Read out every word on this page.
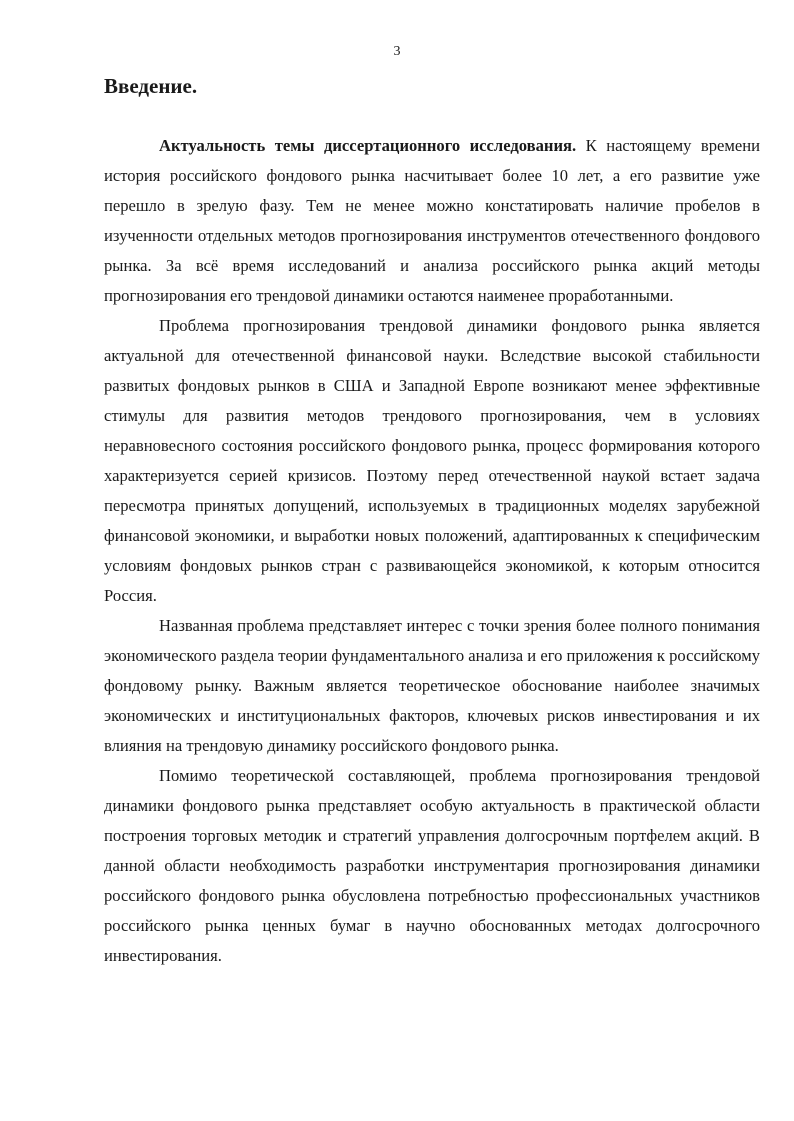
3
Введение.

Актуальность темы диссертационного исследования. К настоящему времени история российского фондового рынка насчитывает более 10 лет, а его развитие уже перешло в зрелую фазу. Тем не менее можно констатировать наличие пробелов в изученности отдельных методов прогнозирования инструментов отечественного фондового рынка. За всё время исследований и анализа российского рынка акций методы прогнозирования его трендовой динамики остаются наименее проработанными.

Проблема прогнозирования трендовой динамики фондового рынка является актуальной для отечественной финансовой науки. Вследствие высокой стабильности развитых фондовых рынков в США и Западной Европе возникают менее эффективные стимулы для развития методов трендового прогнозирования, чем в условиях неравновесного состояния российского фондового рынка, процесс формирования которого характеризуется серией кризисов. Поэтому перед отечественной наукой встает задача пересмотра принятых допущений, используемых в традиционных моделях зарубежной финансовой экономики, и выработки новых положений, адаптированных к специфическим условиям фондовых рынков стран с развивающейся экономикой, к которым относится Россия.

Названная проблема представляет интерес с точки зрения более полного понимания экономического раздела теории фундаментального анализа и его приложения к российскому фондовому рынку. Важным является теоретическое обоснование наиболее значимых экономических и институциональных факторов, ключевых рисков инвестирования и их влияния на трендовую динамику российского фондового рынка.

Помимо теоретической составляющей, проблема прогнозирования трендовой динамики фондового рынка представляет особую актуальность в практической области построения торговых методик и стратегий управления долгосрочным портфелем акций. В данной области необходимость разработки инструментария прогнозирования динамики российского фондового рынка обусловлена потребностью профессиональных участников российского рынка ценных бумаг в научно обоснованных методах долгосрочного инвестирования.
